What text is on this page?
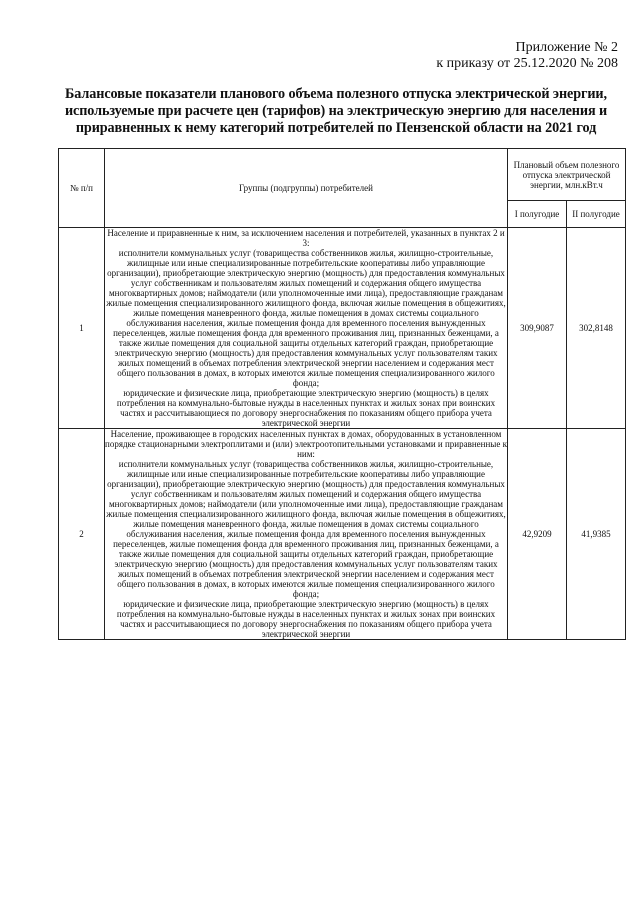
Приложение № 2
к приказу от 25.12.2020 № 208
Балансовые показатели планового объема полезного отпуска электрической энергии, используемые при расчете цен (тарифов) на электрическую энергию для населения и приравненных к нему категорий потребителей по Пензенской области на 2021 год
№ п/п	Группы (подгруппы) потребителей	Плановый объем полезного отпуска электрической энергии, млн.кВт.ч	
		I полугодие	II полугодие
1	Население и приравненные к ним, за исключением населения и потребителей, указанных в пунктах 2 и 3:

исполнители коммунальных услуг (товарищества собственников жилья, жилищно-строительные, жилищные или иные специализированные потребительские кооперативы либо управляющие организации), приобретающие электрическую энергию (мощность) для предоставления коммунальных услуг собственникам и пользователям жилых помещений и содержания общего имущества многоквартирных домов; наймодатели (или уполномоченные ими лица), предоставляющие гражданам жилые помещения специализированного жилищного фонда, включая жилые помещения в общежитиях, жилые помещения маневренного фонда, жилые помещения в домах системы социального обслуживания населения, жилые помещения фонда для временного поселения вынужденных переселенцев, жилые помещения фонда для временного проживания лиц, признанных беженцами, а также жилые помещения для социальной защиты отдельных категорий граждан, приобретающие электрическую энергию (мощность) для предоставления коммунальных услуг пользователям таких жилых помещений в объемах потребления электрической энергии населением и содержания мест общего пользования в домах, в которых имеются жилые помещения специализированного жилого фонда;

юридические и физические лица, приобретающие электрическую энергию (мощность) в целях потребления на коммунально-бытовые нужды в населенных пунктах и жилых зонах при воинских частях и рассчитывающиеся по договору энергоснабжения по показаниям общего прибора учета электрической энергии	309,9087	302,8148
2	Население, проживающее в городских населенных пунктах в домах, оборудованных в установленном порядке стационарными электроплитами и (или) электроотопительными установками и приравненные к ним:

исполнители коммунальных услуг (товарищества собственников жилья, жилищно-строительные, жилищные или иные специализированные потребительские кооперативы либо управляющие организации), приобретающие электрическую энергию (мощность) для предоставления коммунальных услуг собственникам и пользователям жилых помещений и содержания общего имущества многоквартирных домов; наймодатели (или уполномоченные ими лица), предоставляющие гражданам жилые помещения специализированного жилищного фонда, включая жилые помещения в общежитиях, жилые помещения маневренного фонда, жилые помещения в домах системы социального обслуживания населения, жилые помещения фонда для временного поселения вынужденных переселенцев, жилые помещения фонда для временного проживания лиц, признанных беженцами, а также жилые помещения для социальной защиты отдельных категорий граждан, приобретающие электрическую энергию (мощность) для предоставления коммунальных услуг пользователям таких жилых помещений в объемах потребления электрической энергии населением и содержания мест общего пользования в домах, в которых имеются жилые помещения специализированного жилого фонда;

юридические и физические лица, приобретающие электрическую энергию (мощность) в целях потребления на коммунально-бытовые нужды в населенных пунктах и жилых зонах при воинских частях и рассчитывающиеся по договору энергоснабжения по показаниям общего прибора учета электрической энергии	42,9209	41,9385
